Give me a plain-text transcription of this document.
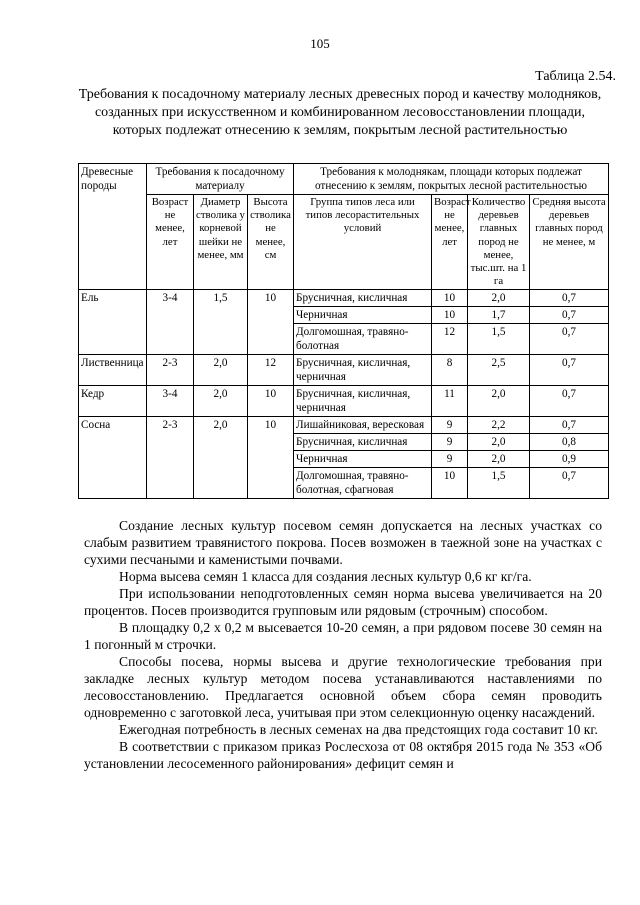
105
Таблица 2.54.
Требования к посадочному материалу лесных древесных пород и качеству молодняков, созданных при искусственном и комбинированном лесовосстановлении площади, которых подлежат отнесению к землям, покрытым лесной растительностью
Древесные породы	Требования к посадочному материалу			Требования к молоднякам, площади которых подлежат отнесению к землям, покрытых лесной растительностью			
	Возраст не менее, лет	Диаметр стволика у корневой шейки не менее, мм	Высота стволика не менее, см	Группа типов леса или типов лесорастительных условий	Возраст не менее, лет	Количество деревьев главных пород не менее, тыс.шт. на 1 га	Средняя высота деревьев главных пород не менее, м
Ель	3-4	1,5	10	Брусничная, кисличная	10	2,0	0,7
				Черничная	10	1,7	0,7
				Долгомошная, травяно-болотная	12	1,5	0,7
Лиственница	2-3	2,0	12	Брусничная, кисличная, черничная	8	2,5	0,7
Кедр	3-4	2,0	10	Брусничная, кисличная, черничная	11	2,0	0,7
Сосна	2-3	2,0	10	Лишайниковая, вересковая	9	2,2	0,7
				Брусничная, кисличная	9	2,0	0,8
				Черничная	9	2,0	0,9
				Долгомошная, травяно-болотная, сфагновая	10	1,5	0,7

Создание лесных культур посевом семян допускается на лесных участках со слабым развитием травянистого покрова. Посев возможен в таежной зоне на участках с сухими песчаными и каменистыми почвами.

Норма высева семян 1 класса для создания лесных культур 0,6 кг кг/га.

При использовании неподготовленных семян норма высева увеличивается на 20 процентов. Посев производится групповым или рядовым (строчным) способом.

В площадку 0,2 х 0,2 м высевается 10-20 семян, а при рядовом посеве 30 семян на 1 погонный м строчки.

Способы посева, нормы высева и другие технологические требования при закладке лесных культур методом посева устанавливаются наставлениями по лесовосстановлению. Предлагается основной объем сбора семян проводить одновременно с заготовкой леса, учитывая при этом селекционную оценку насаждений.

Ежегодная потребность в лесных семенах на два предстоящих года составит 10 кг.

В соответствии с приказом приказ Рослесхоза от 08 октября 2015 года № 353 «Об установлении лесосеменного районирования» дефицит семян и
